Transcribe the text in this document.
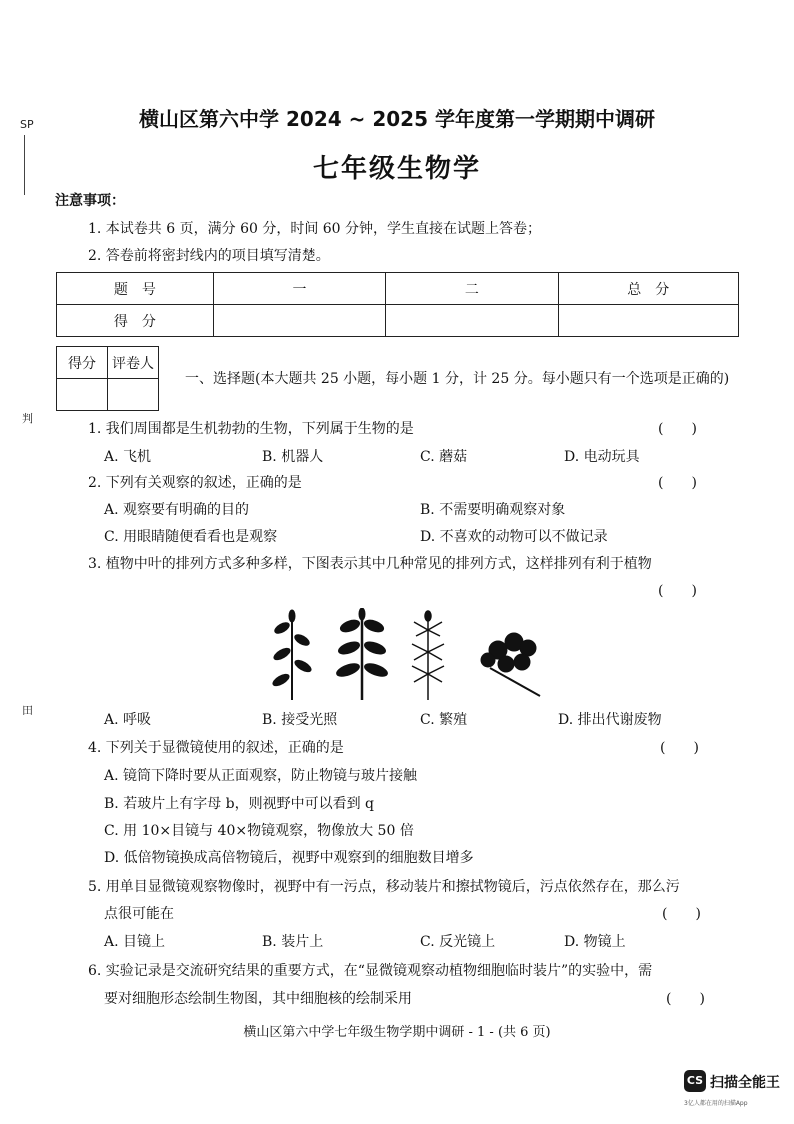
SP
判
田
横山区第六中学 2024 ~ 2025 学年度第一学期期中调研
七年级生物学
注意事项：
1. 本试卷共 6 页，满分 60 分，时间 60 分钟，学生直接在试题上答卷；
2. 答卷前将密封线内的项目填写清楚。
题　号	一	二	总　分
得　分			
得分	评卷人

一、选择题(本大题共 25 小题，每小题 1 分，计 25 分。每小题只有一个选项是正确的)
1. 我们周围都是生机勃勃的生物，下列属于生物的是	(　　)
A. 飞机	B. 机器人	C. 蘑菇	D. 电动玩具
2. 下列有关观察的叙述，正确的是	(　　)
A. 观察要有明确的目的	B. 不需要明确观察对象
C. 用眼睛随便看看也是观察	D. 不喜欢的动物可以不做记录
3. 植物中叶的排列方式多种多样，下图表示其中几种常见的排列方式，这样排列有利于植物
(　　)
A. 呼吸	B. 接受光照	C. 繁殖	D. 排出代谢废物
4. 下列关于显微镜使用的叙述，正确的是	(　　)
A. 镜筒下降时要从正面观察，防止物镜与玻片接触
B. 若玻片上有字母 b，则视野中可以看到 q
C. 用 10×目镜与 40×物镜观察，物像放大 50 倍
D. 低倍物镜换成高倍物镜后，视野中观察到的细胞数目增多
5. 用单目显微镜观察物像时，视野中有一污点，移动装片和擦拭物镜后，污点依然存在，那么污
点很可能在	(　　)
A. 目镜上	B. 装片上	C. 反光镜上	D. 物镜上
6. 实验记录是交流研究结果的重要方式，在“显微镜观察动植物细胞临时装片”的实验中，需
要对细胞形态绘制生物图，其中细胞核的绘制采用	(　　)
横山区第六中学七年级生物学期中调研 - 1 - (共 6 页)
CS 扫描全能王
3亿人都在用的扫描App
